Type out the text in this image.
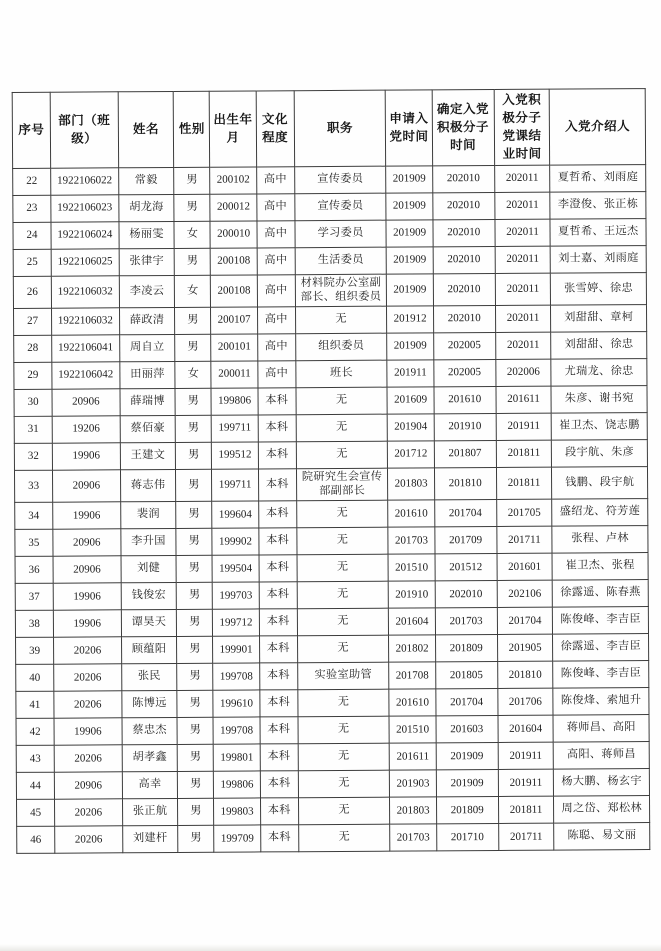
序号	部门（班级）	姓名	性别	出生年月	文化程度	职务	申请入党时间	确定入党积极分子时间	入党积极分子党课结业时间	入党介绍人
22	1922106022	常毅	男	200102	高中	宣传委员	201909	202010	202011	夏哲希、刘雨庭
23	1922106023	胡龙海	男	200012	高中	宣传委员	201909	202010	202011	李澄俊、张正栋
24	1922106024	杨丽雯	女	200010	高中	学习委员	201909	202010	202011	夏哲希、王远杰
25	1922106025	张律宇	男	200108	高中	生活委员	201909	202010	202011	刘士嘉、刘雨庭
26	1922106032	李凌云	女	200108	高中	材料院办公室副部长、组织委员	201909	202010	202011	张雪婷、徐忠
27	1922106032	薛政清	男	200107	高中	无	201912	202010	202011	刘甜甜、章柯
28	1922106041	周自立	男	200101	高中	组织委员	201909	202005	202011	刘甜甜、徐忠
29	1922106042	田丽萍	女	200011	高中	班长	201911	202005	202006	尤瑞龙、徐忠
30	20906	薛瑞博	男	199806	本科	无	201609	201610	201611	朱彦、谢书宛
31	19206	蔡佰豪	男	199711	本科	无	201904	201910	201911	崔卫杰、饶志鹏
32	19906	王建文	男	199512	本科	无	201712	201807	201811	段宇航、朱彦
33	20906	蒋志伟	男	199711	本科	院研究生会宣传部副部长	201803	201810	201811	钱鹏、段宇航
34	19906	裴润	男	199604	本科	无	201610	201704	201705	盛绍龙、符芳莲
35	20906	李升国	男	199902	本科	无	201703	201709	201711	张程、卢林
36	20906	刘健	男	199504	本科	无	201510	201512	201601	崔卫杰、张程
37	19906	钱俊宏	男	199703	本科	无	201910	202010	202106	徐露遥、陈春燕
38	19906	谭昊天	男	199712	本科	无	201604	201703	201704	陈俊峰、李吉臣
39	20206	顾蕴阳	男	199901	本科	无	201802	201809	201905	徐露遥、李吉臣
40	20206	张民	男	199708	本科	实验室助管	201708	201805	201810	陈俊峰、李吉臣
41	20206	陈博远	男	199610	本科	无	201610	201704	201706	陈俊烽、索旭升
42	19906	蔡忠杰	男	199708	本科	无	201510	201603	201604	蒋师昌、高阳
43	20206	胡孝鑫	男	199801	本科	无	201611	201909	201911	高阳、蒋师昌
44	20906	高幸	男	199806	本科	无	201903	201909	201911	杨大鹏、杨玄宇
45	20206	张正航	男	199803	本科	无	201803	201809	201811	周之岱、郑松林
46	20206	刘建杆	男	199709	本科	无	201703	201710	201711	陈聪、易文丽
